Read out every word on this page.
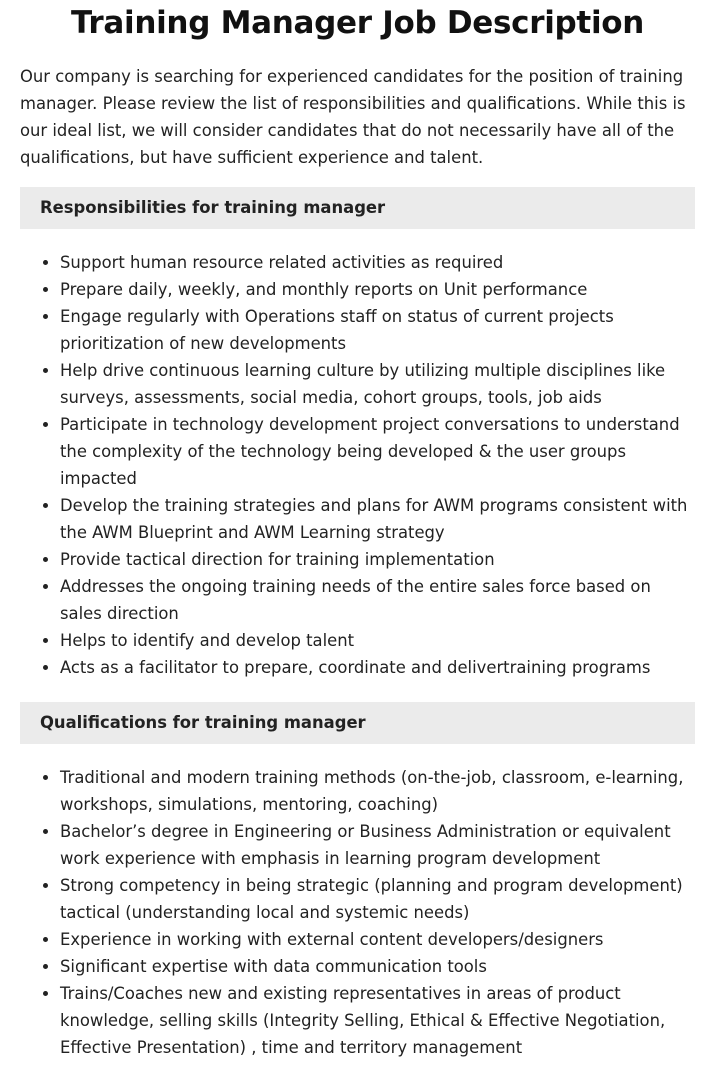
Training Manager Job Description

Our company is searching for experienced candidates for the position of training manager. Please review the list of responsibilities and qualifications. While this is our ideal list, we will consider candidates that do not necessarily have all of the qualifications, but have sufficient experience and talent.

Responsibilities for training manager
• Support human resource related activities as required
• Prepare daily, weekly, and monthly reports on Unit performance
• Engage regularly with Operations staff on status of current projects prioritization of new developments
• Help drive continuous learning culture by utilizing multiple disciplines like surveys, assessments, social media, cohort groups, tools, job aids
• Participate in technology development project conversations to understand the complexity of the technology being developed & the user groups impacted
• Develop the training strategies and plans for AWM programs consistent with the AWM Blueprint and AWM Learning strategy
• Provide tactical direction for training implementation
• Addresses the ongoing training needs of the entire sales force based on sales direction
• Helps to identify and develop talent
• Acts as a facilitator to prepare, coordinate and delivertraining programs
Qualifications for training manager
• Traditional and modern training methods (on-the-job, classroom, e-learning, workshops, simulations, mentoring, coaching)
• Bachelor’s degree in Engineering or Business Administration or equivalent work experience with emphasis in learning program development
• Strong competency in being strategic (planning and program development) tactical (understanding local and systemic needs)
• Experience in working with external content developers/designers
• Significant expertise with data communication tools
• Trains/Coaches new and existing representatives in areas of product knowledge, selling skills (Integrity Selling, Ethical & Effective Negotiation, Effective Presentation) , time and territory management
